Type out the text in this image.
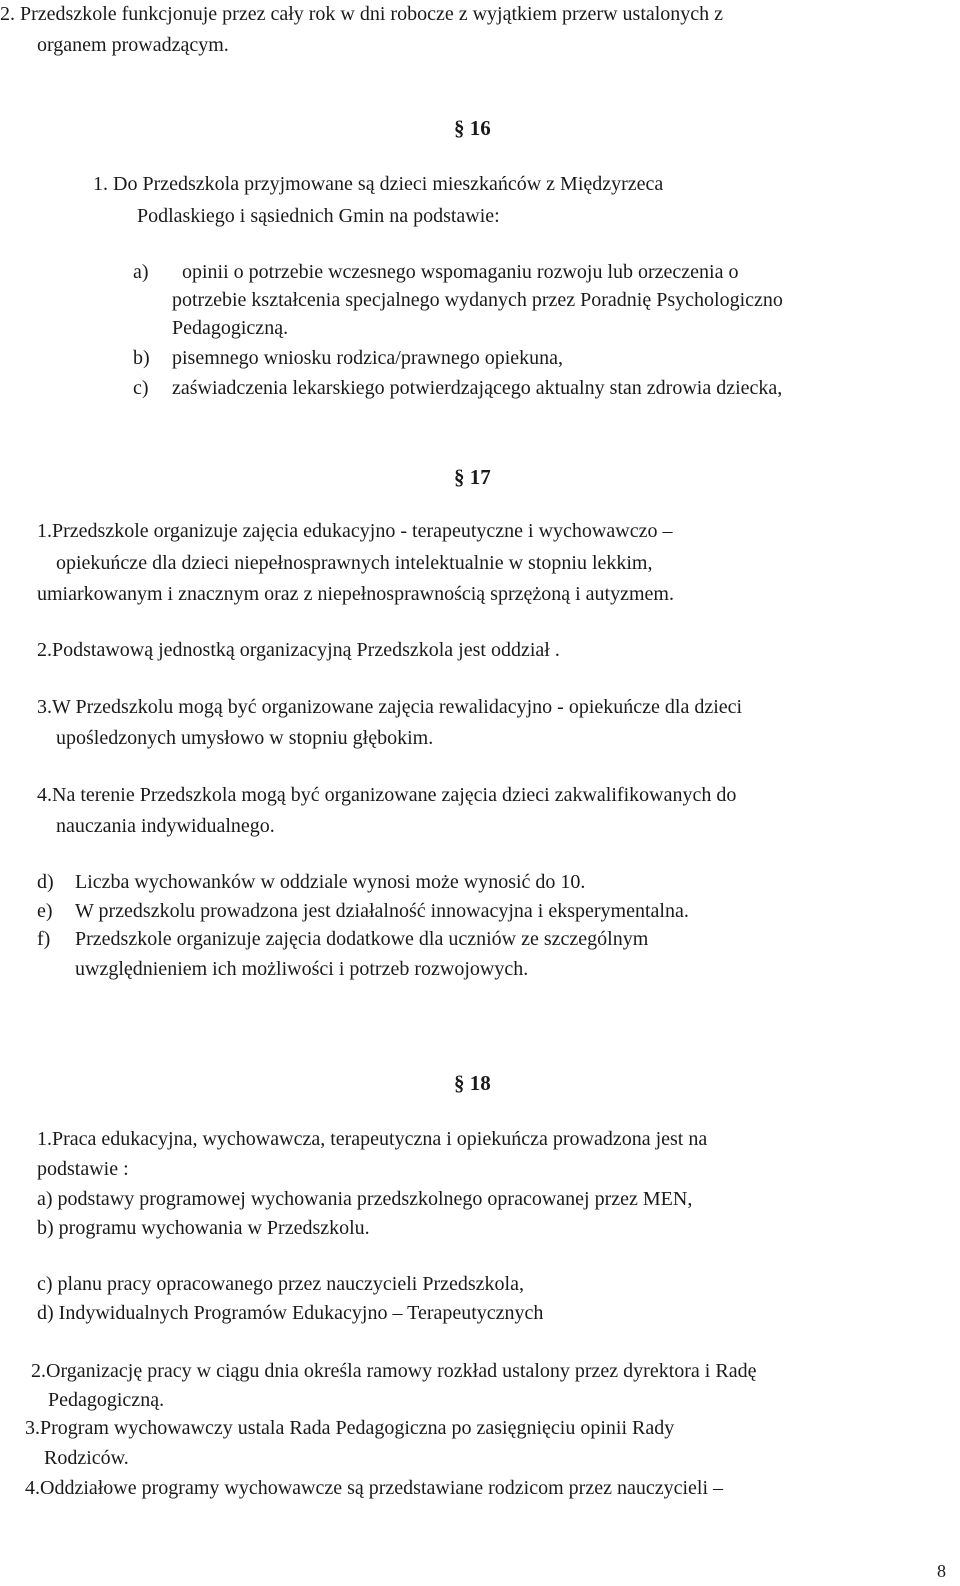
2. Przedszkole funkcjonuje przez cały rok w dni robocze z wyjątkiem przerw ustalonych z
organem prowadzącym.
§ 16
1. Do Przedszkola przyjmowane są dzieci mieszkańców z Międzyrzeca
Podlaskiego i sąsiednich Gmin na podstawie:
a) opinii o potrzebie wczesnego wspomaganiu rozwoju lub orzeczenia o
potrzebie kształcenia specjalnego wydanych przez Poradnię Psychologiczno
Pedagogiczną.
b) pisemnego wniosku rodzica/prawnego opiekuna,
c) zaświadczenia lekarskiego potwierdzającego aktualny stan zdrowia dziecka,
§ 17
1.Przedszkole organizuje zajęcia edukacyjno - terapeutyczne i wychowawczo –
opiekuńcze dla dzieci niepełnosprawnych intelektualnie w stopniu lekkim,
umiarkowanym i znacznym oraz z niepełnosprawnością sprzężoną i autyzmem.
2.Podstawową jednostką organizacyjną Przedszkola jest oddział .
3.W Przedszkolu mogą być organizowane zajęcia rewalidacyjno - opiekuńcze dla dzieci
upośledzonych umysłowo w stopniu głębokim.
4.Na terenie Przedszkola mogą być organizowane zajęcia dzieci zakwalifikowanych do
nauczania indywidualnego.
d) Liczba wychowanków w oddziale wynosi może wynosić do 10.
e) W przedszkolu prowadzona jest działalność innowacyjna i eksperymentalna.
f) Przedszkole organizuje zajęcia dodatkowe dla uczniów ze szczególnym
uwzględnieniem ich możliwości i potrzeb rozwojowych.
§ 18
1.Praca edukacyjna, wychowawcza, terapeutyczna i opiekuńcza prowadzona jest na
podstawie :
a) podstawy programowej wychowania przedszkolnego opracowanej przez MEN,
b) programu wychowania w Przedszkolu.
c) planu pracy opracowanego przez nauczycieli Przedszkola,
d) Indywidualnych Programów Edukacyjno – Terapeutycznych
2.Organizację pracy w ciągu dnia określa ramowy rozkład ustalony przez dyrektora i Radę
Pedagogiczną.
3.Program wychowawczy ustala Rada Pedagogiczna po zasięgnięciu opinii Rady
Rodziców.
4.Oddziałowe programy wychowawcze są przedstawiane rodzicom przez nauczycieli –
8
